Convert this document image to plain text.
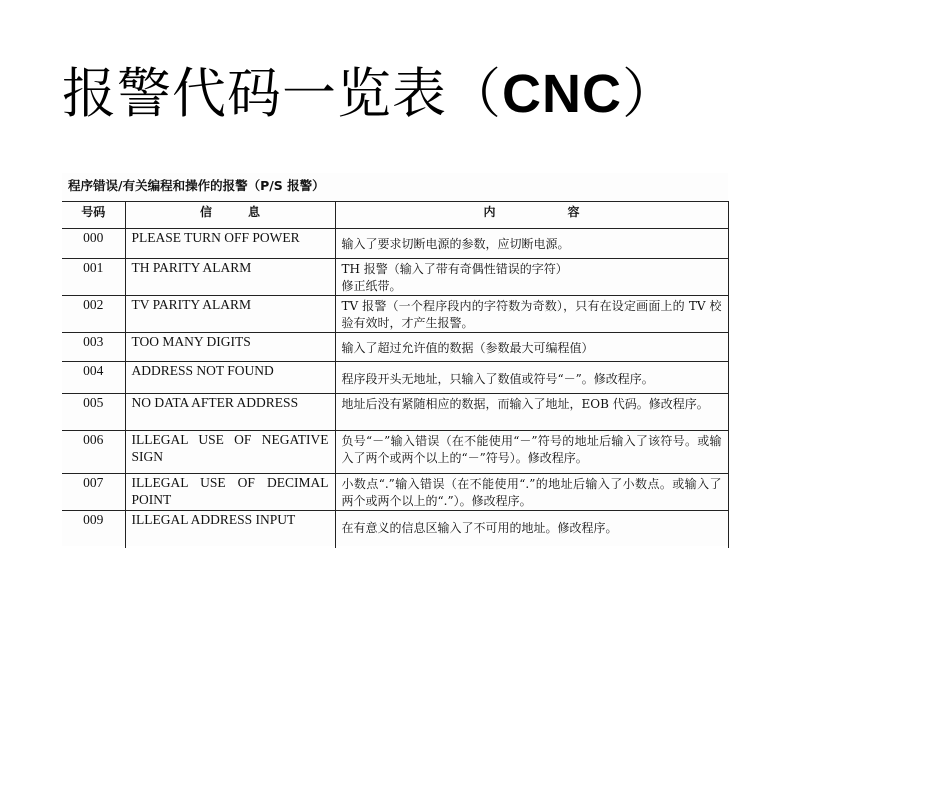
报警代码一览表（CNC）
程序错误/有关编程和操作的报警（P/S 报警）
号码	信　　　息	内　　　　　　容
000	PLEASE TURN OFF POWER	输入了要求切断电源的参数，应切断电源。
001	TH PARITY ALARM	TH 报警（输入了带有奇偶性错误的字符）
修正纸带。
002	TV PARITY ALARM	TV 报警（一个程序段内的字符数为奇数），只有在设定画面上的 TV 校验有效时，才产生报警。
003	TOO MANY DIGITS	输入了超过允许值的数据（参数最大可编程值）
004	ADDRESS NOT FOUND	程序段开头无地址，只输入了数值或符号“－”。修改程序。
005	NO DATA AFTER ADDRESS	地址后没有紧随相应的数据，而输入了地址，EOB 代码。修改程序。
006	ILLEGAL USE OF NEGATIVE SIGN	负号“－”输入错误（在不能使用“－”符号的地址后输入了该符号。或输入了两个或两个以上的“－”符号）。修改程序。
007	ILLEGAL USE OF DECIMAL POINT	小数点“.”输入错误（在不能使用“.”的地址后输入了小数点。或输入了两个或两个以上的“.”）。修改程序。
009	ILLEGAL ADDRESS INPUT	在有意义的信息区输入了不可用的地址。修改程序。
